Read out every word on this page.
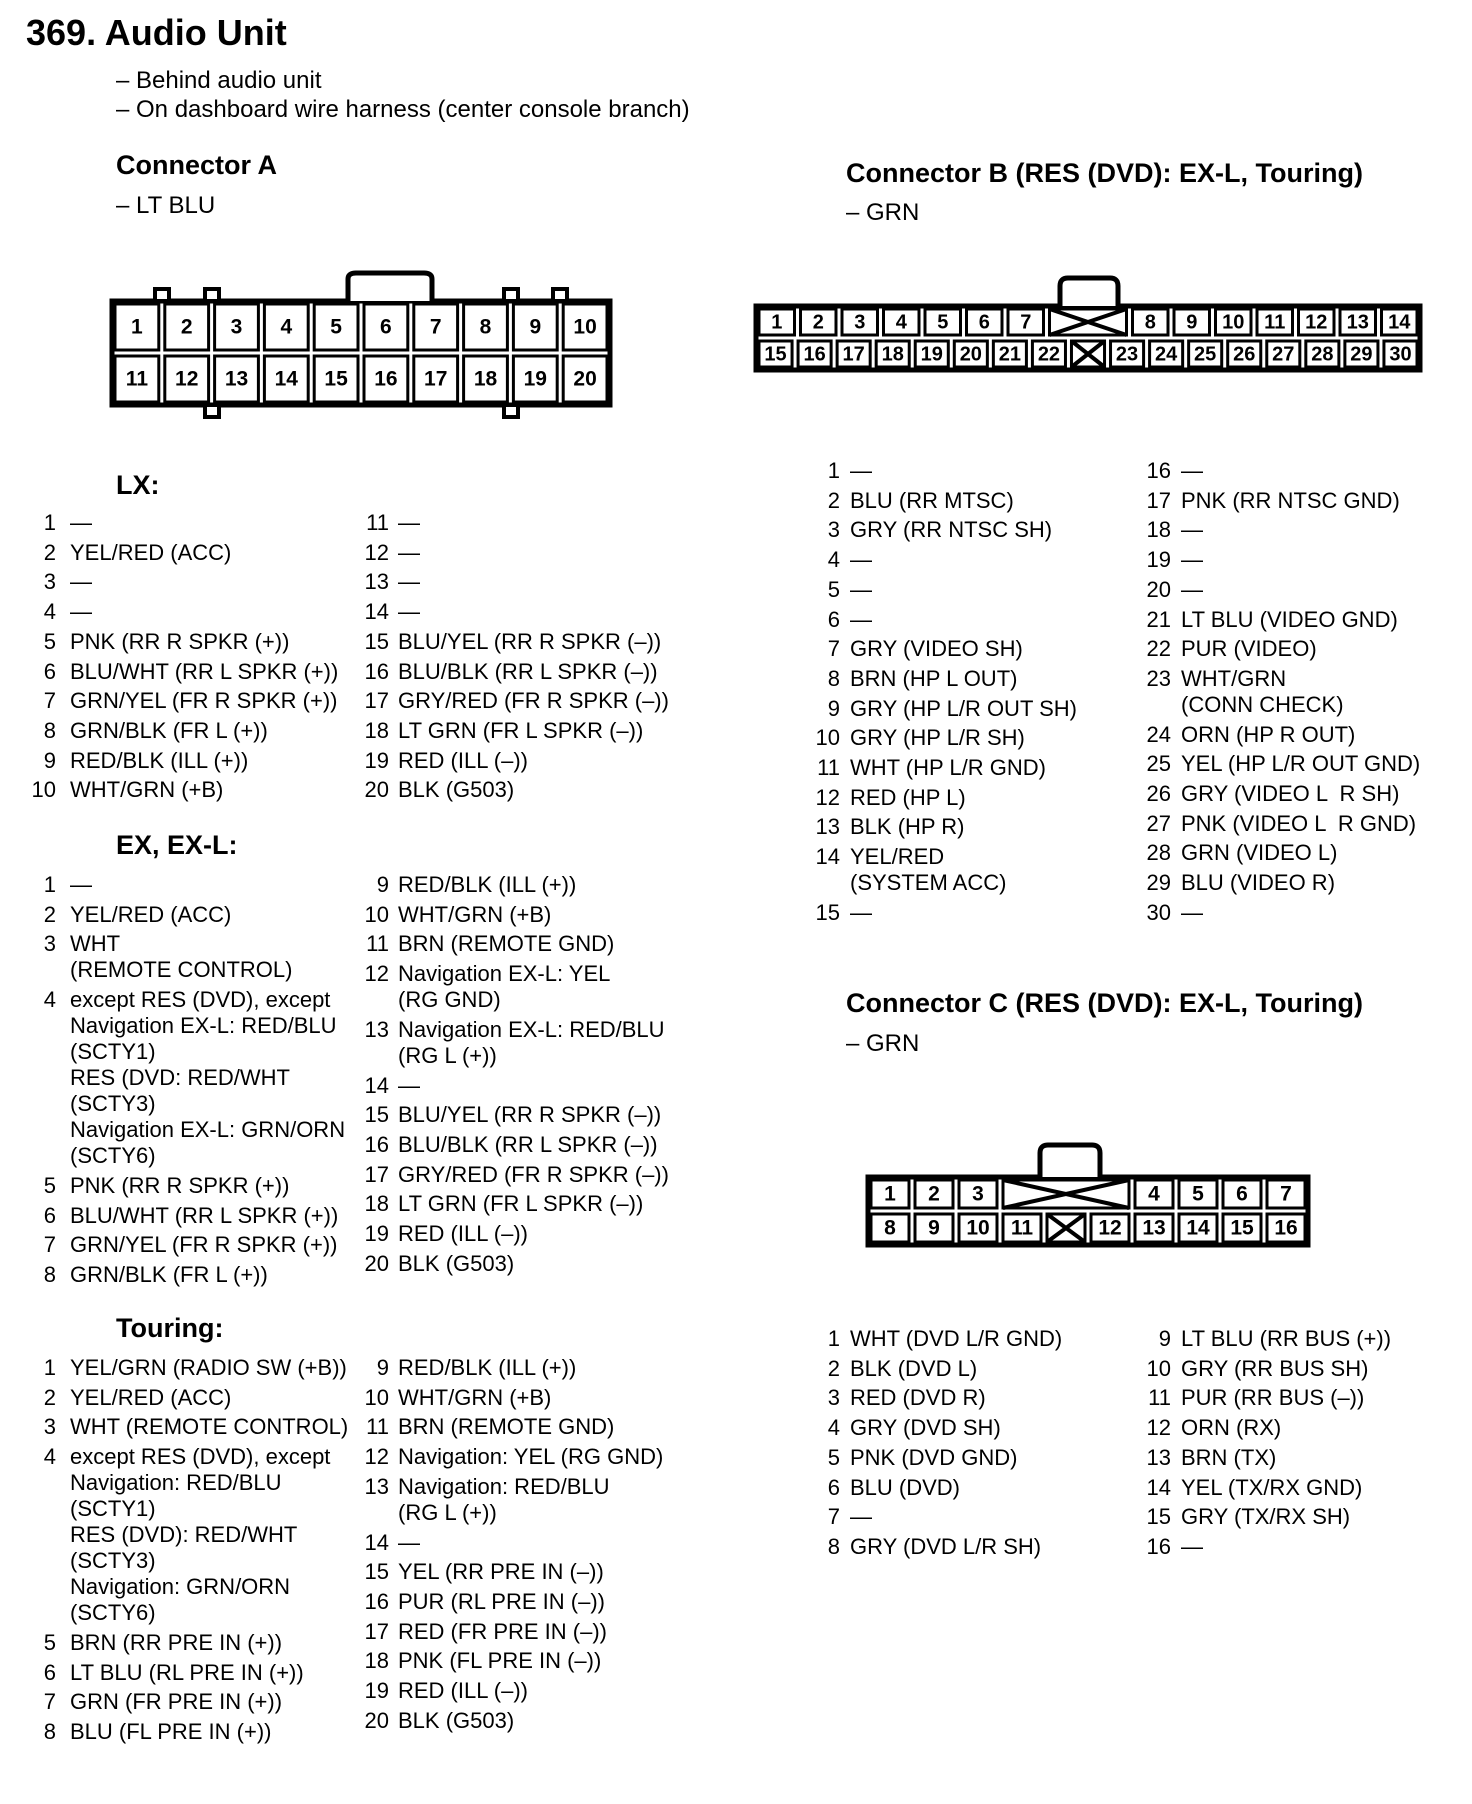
369. Audio Unit
– Behind audio unit
– On dashboard wire harness (center console branch)
Connector A
– LT BLU
Connector B (RES (DVD): EX-L, Touring)
– GRN
Connector C (RES (DVD): EX-L, Touring)
– GRN
1 2 3 4 5 6 7 8 9 10
11 12 13 14 15 16 17 18 19 20
1 2 3 4 5 6 7	8 9 10 11 12 13 14
15 16 17 18 19 20 21 22	23 24 25 26 27 28 29 30
1 2 3	4 5 6 7
8 9 10 11	12 13 14 15 16
LX:
EX, EX-L:
Touring:
1 —
2 YEL/RED (ACC)
3 —
4 —
5 PNK (RR R SPKR (+))
6 BLU/WHT (RR L SPKR (+))
7 GRN/YEL (FR R SPKR (+))
8 GRN/BLK (FR L (+))
9 RED/BLK (ILL (+))
10 WHT/GRN (+B)
11 —
12 —
13 —
14 —
15 BLU/YEL (RR R SPKR (–))
16 BLU/BLK (RR L SPKR (–))
17 GRY/RED (FR R SPKR (–))
18 LT GRN (FR L SPKR (–))
19 RED (ILL (–))
20 BLK (G503)
1 —
2 YEL/RED (ACC)
3 WHT
(REMOTE CONTROL)
4 except RES (DVD), except
Navigation EX-L: RED/BLU
(SCTY1)
RES (DVD: RED/WHT
(SCTY3)
Navigation EX-L: GRN/ORN
(SCTY6)
5 PNK (RR R SPKR (+))
6 BLU/WHT (RR L SPKR (+))
7 GRN/YEL (FR R SPKR (+))
8 GRN/BLK (FR L (+))
9 RED/BLK (ILL (+))
10 WHT/GRN (+B)
11 BRN (REMOTE GND)
12 Navigation EX-L: YEL
(RG GND)
13 Navigation EX-L: RED/BLU
(RG L (+))
14 —
15 BLU/YEL (RR R SPKR (–))
16 BLU/BLK (RR L SPKR (–))
17 GRY/RED (FR R SPKR (–))
18 LT GRN (FR L SPKR (–))
19 RED (ILL (–))
20 BLK (G503)
1 YEL/GRN (RADIO SW (+B))
2 YEL/RED (ACC)
3 WHT (REMOTE CONTROL)
4 except RES (DVD), except
Navigation: RED/BLU
(SCTY1)
RES (DVD): RED/WHT
(SCTY3)
Navigation: GRN/ORN
(SCTY6)
5 BRN (RR PRE IN (+))
6 LT BLU (RL PRE IN (+))
7 GRN (FR PRE IN (+))
8 BLU (FL PRE IN (+))
9 RED/BLK (ILL (+))
10 WHT/GRN (+B)
11 BRN (REMOTE GND)
12 Navigation: YEL (RG GND)
13 Navigation: RED/BLU
(RG L (+))
14 —
15 YEL (RR PRE IN (–))
16 PUR (RL PRE IN (–))
17 RED (FR PRE IN (–))
18 PNK (FL PRE IN (–))
19 RED (ILL (–))
20 BLK (G503)
1 —
2 BLU (RR MTSC)
3 GRY (RR NTSC SH)
4 —
5 —
6 —
7 GRY (VIDEO SH)
8 BRN (HP L OUT)
9 GRY (HP L/R OUT SH)
10 GRY (HP L/R SH)
11 WHT (HP L/R GND)
12 RED (HP L)
13 BLK (HP R)
14 YEL/RED
(SYSTEM ACC)
15 —
16 —
17 PNK (RR NTSC GND)
18 —
19 —
20 —
21 LT BLU (VIDEO GND)
22 PUR (VIDEO)
23 WHT/GRN
(CONN CHECK)
24 ORN (HP R OUT)
25 YEL (HP L/R OUT GND)
26 GRY (VIDEO L  R SH)
27 PNK (VIDEO L  R GND)
28 GRN (VIDEO L)
29 BLU (VIDEO R)
30 —
1 WHT (DVD L/R GND)
2 BLK (DVD L)
3 RED (DVD R)
4 GRY (DVD SH)
5 PNK (DVD GND)
6 BLU (DVD)
7 —
8 GRY (DVD L/R SH)
9 LT BLU (RR BUS (+))
10 GRY (RR BUS SH)
11 PUR (RR BUS (–))
12 ORN (RX)
13 BRN (TX)
14 YEL (TX/RX GND)
15 GRY (TX/RX SH)
16 —
